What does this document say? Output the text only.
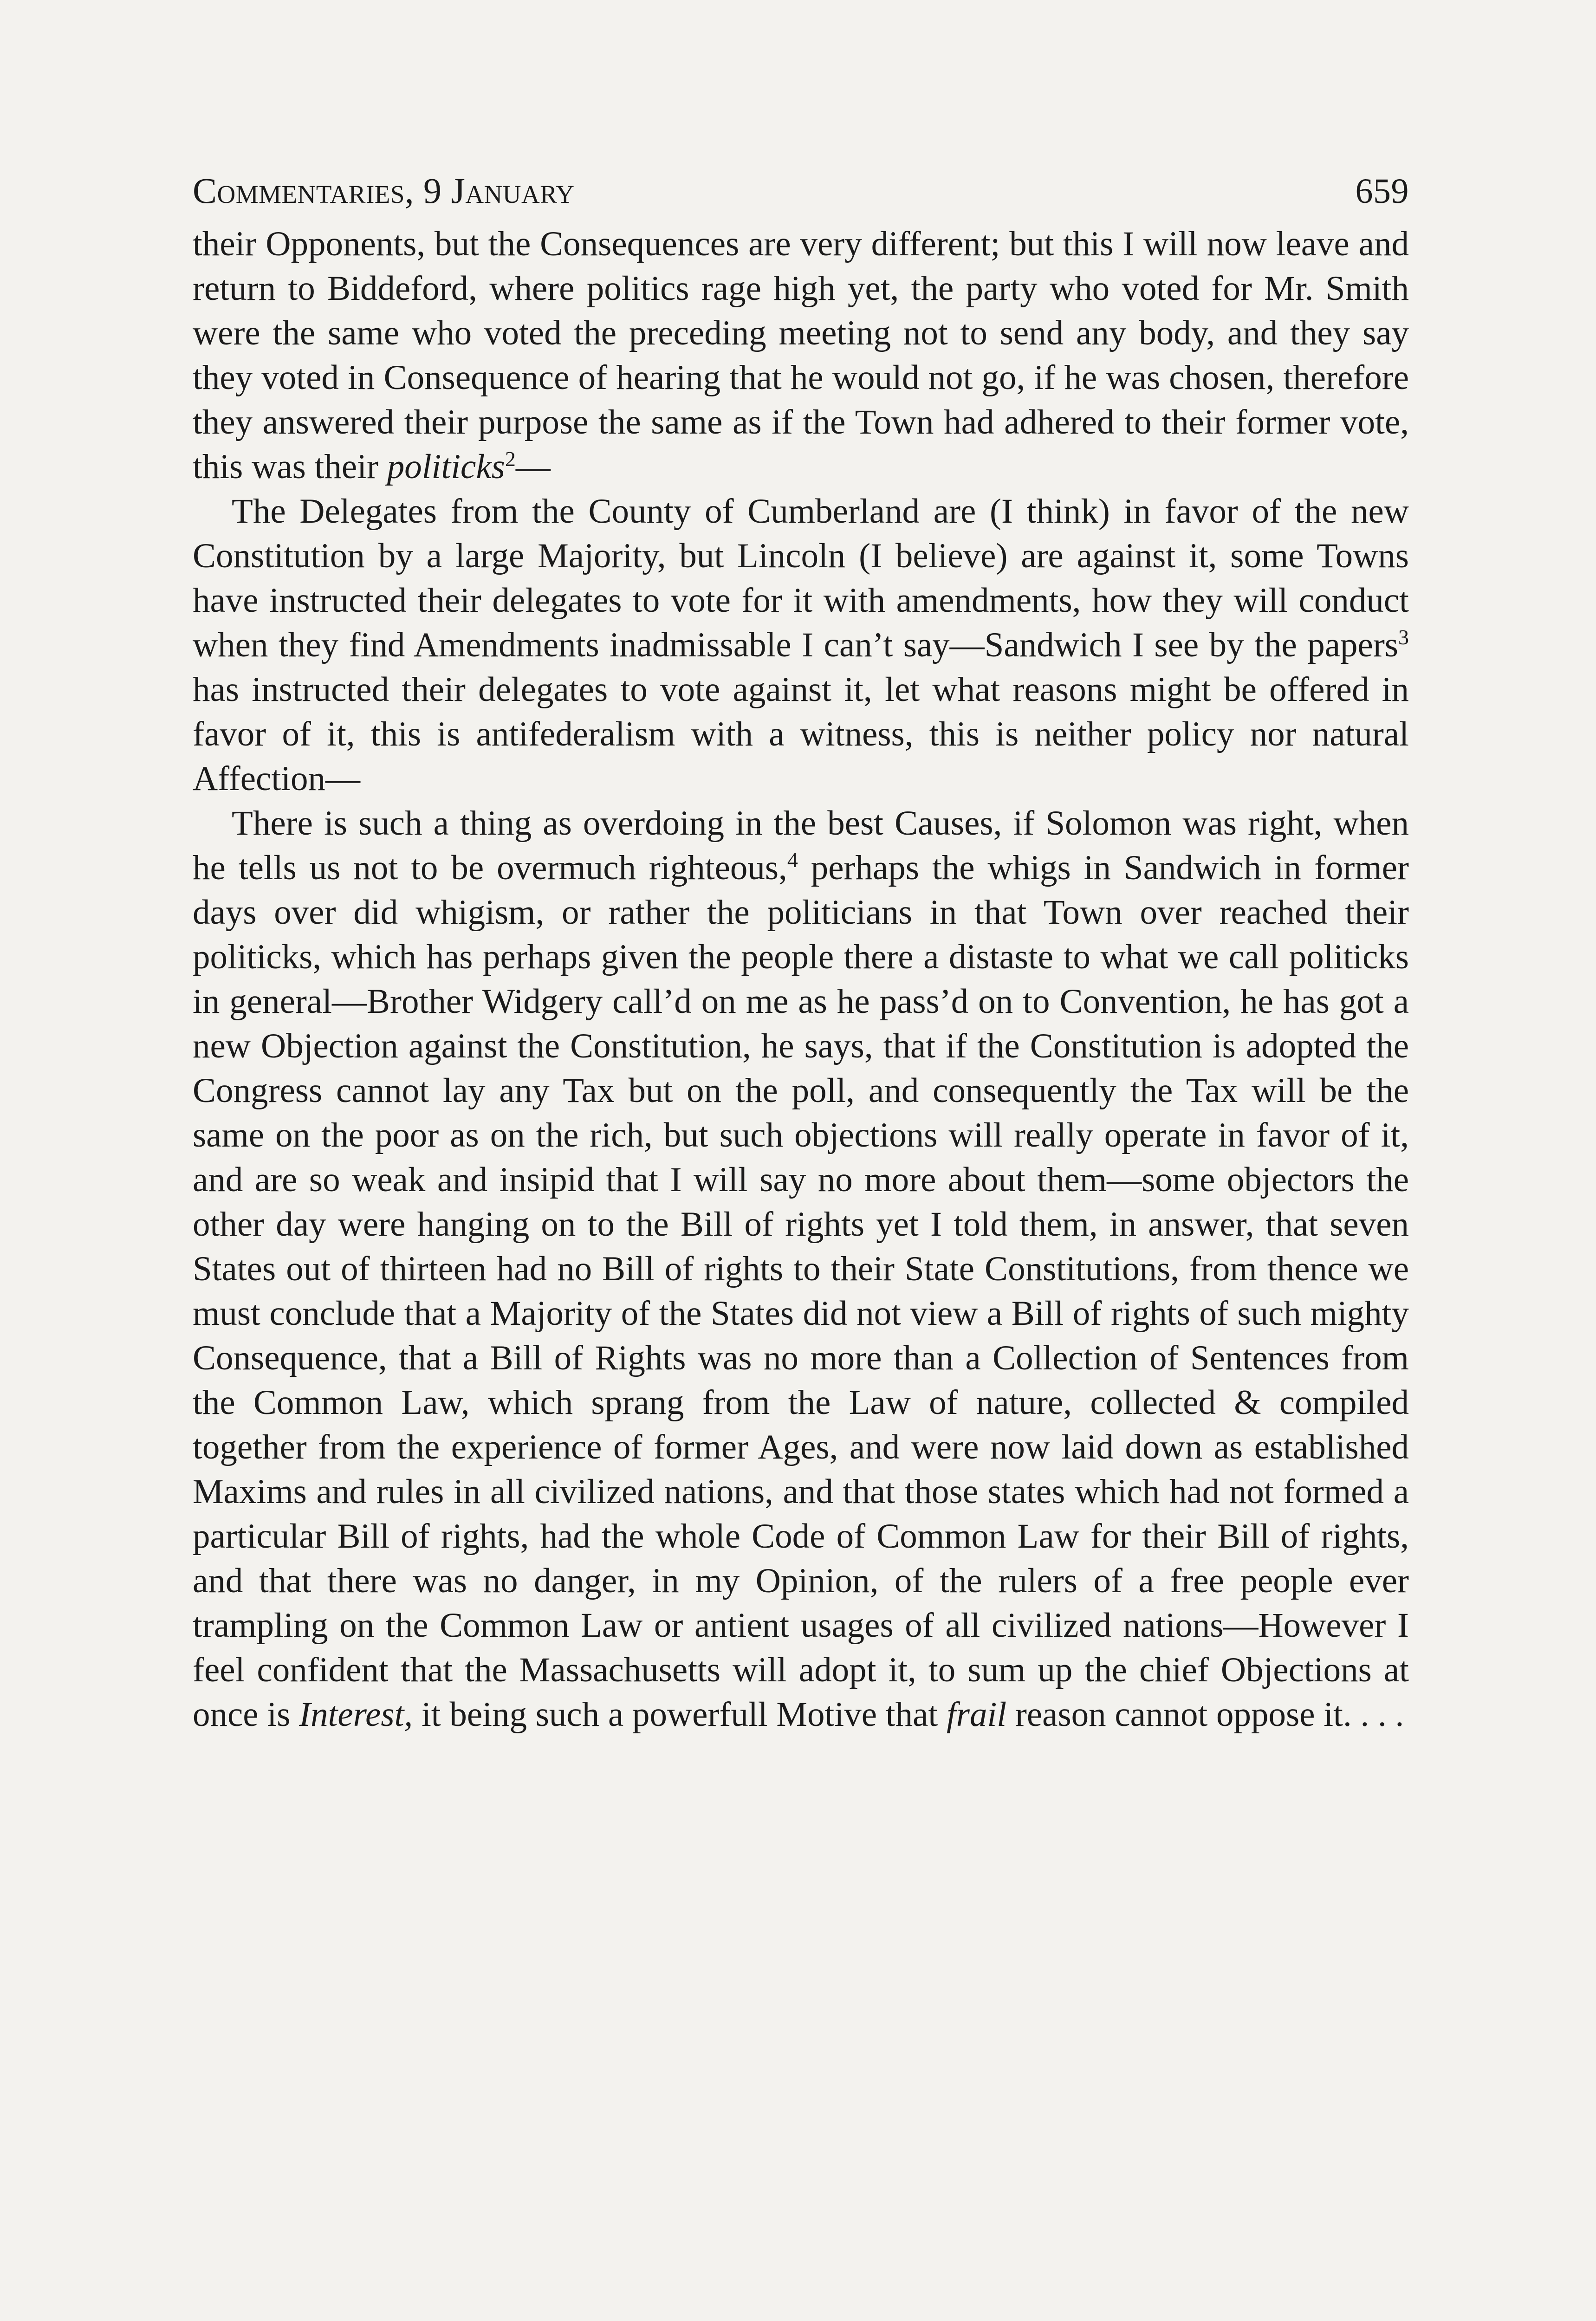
Commentaries, 9 January	659

their Opponents, but the Consequences are very different; but this I will now leave and return to Biddeford, where politics rage high yet, the party who voted for Mr. Smith were the same who voted the preceding meeting not to send any body, and they say they voted in Consequence of hearing that he would not go, if he was chosen, therefore they answered their purpose the same as if the Town had adhered to their former vote, this was their politicks$^2$—

The Delegates from the County of Cumberland are (I think) in favor of the new Constitution by a large Majority, but Lincoln (I believe) are against it, some Towns have instructed their delegates to vote for it with amendments, how they will conduct when they find Amendments inadmissable I can’t say—Sandwich I see by the papers$^3$ has instructed their delegates to vote against it, let what reasons might be offered in favor of it, this is antifederalism with a witness, this is neither policy nor natural Affection—

There is such a thing as overdoing in the best Causes, if Solomon was right, when he tells us not to be overmuch righteous,$^4$ perhaps the whigs in Sandwich in former days over did whigism, or rather the politicians in that Town over reached their politicks, which has perhaps given the people there a distaste to what we call politicks in general—Brother Widgery call’d on me as he pass’d on to Convention, he has got a new Objection against the Constitution, he says, that if the Constitution is adopted the Congress cannot lay any Tax but on the poll, and consequently the Tax will be the same on the poor as on the rich, but such objections will really operate in favor of it, and are so weak and insipid that I will say no more about them—some objectors the other day were hanging on to the Bill of rights yet I told them, in answer, that seven States out of thirteen had no Bill of rights to their State Constitutions, from thence we must conclude that a Majority of the States did not view a Bill of rights of such mighty Consequence, that a Bill of Rights was no more than a Collection of Sentences from the Common Law, which sprang from the Law of nature, collected & compiled together from the experience of former Ages, and were now laid down as established Maxims and rules in all civilized nations, and that those states which had not formed a particular Bill of rights, had the whole Code of Common Law for their Bill of rights, and that there was no danger, in my Opinion, of the rulers of a free people ever trampling on the Common Law or antient usages of all civilized nations—However I feel confident that the Massachusetts will adopt it, to sum up the chief Objections at once is Interest, it being such a powerfull Motive that frail reason cannot oppose it. . . .
